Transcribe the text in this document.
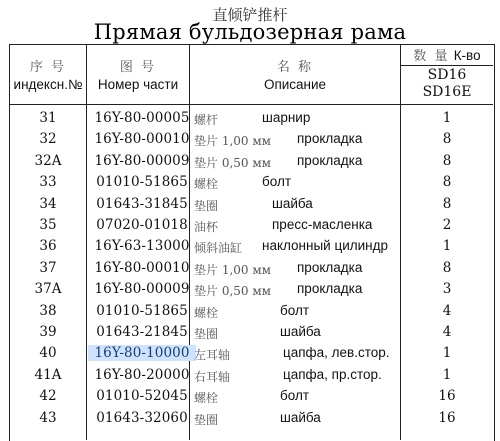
直倾铲推杆
Прямая бульдозерная рама
序 号
индексн.№
图 号
Номер части
名 称
Описание
数 量 К-во
SD16
SD16E
31	16Y-80-00005 螺杆	шарнир	1
32	16Y-80-00010 垫片 1,00 мм прокладка	8
32A	16Y-80-00009 垫片 0,50 мм прокладка	8
33	01010-51865 螺栓	болт	8
34	01643-31845 垫圈	шайба	8
35	07020-01018 油杯	пресс-масленка	2
36	16Y-63-13000 倾斜油缸 наклонный цилиндр	1
37	16Y-80-00010 垫片 1,00 мм прокладка	8
37A	16Y-80-00009 垫片 0,50 мм прокладка	3
38	01010-51865 螺栓	болт	4
39	01643-21845 垫圈	шайба	4
40	16Y-80-10000 左耳轴	цапфа, лев.стор.	1
41A	16Y-80-20000 右耳轴	цапфа, пр.стор.	1
42	01010-52045 螺栓	болт	16
43	01643-32060 垫圈	шайба	16
